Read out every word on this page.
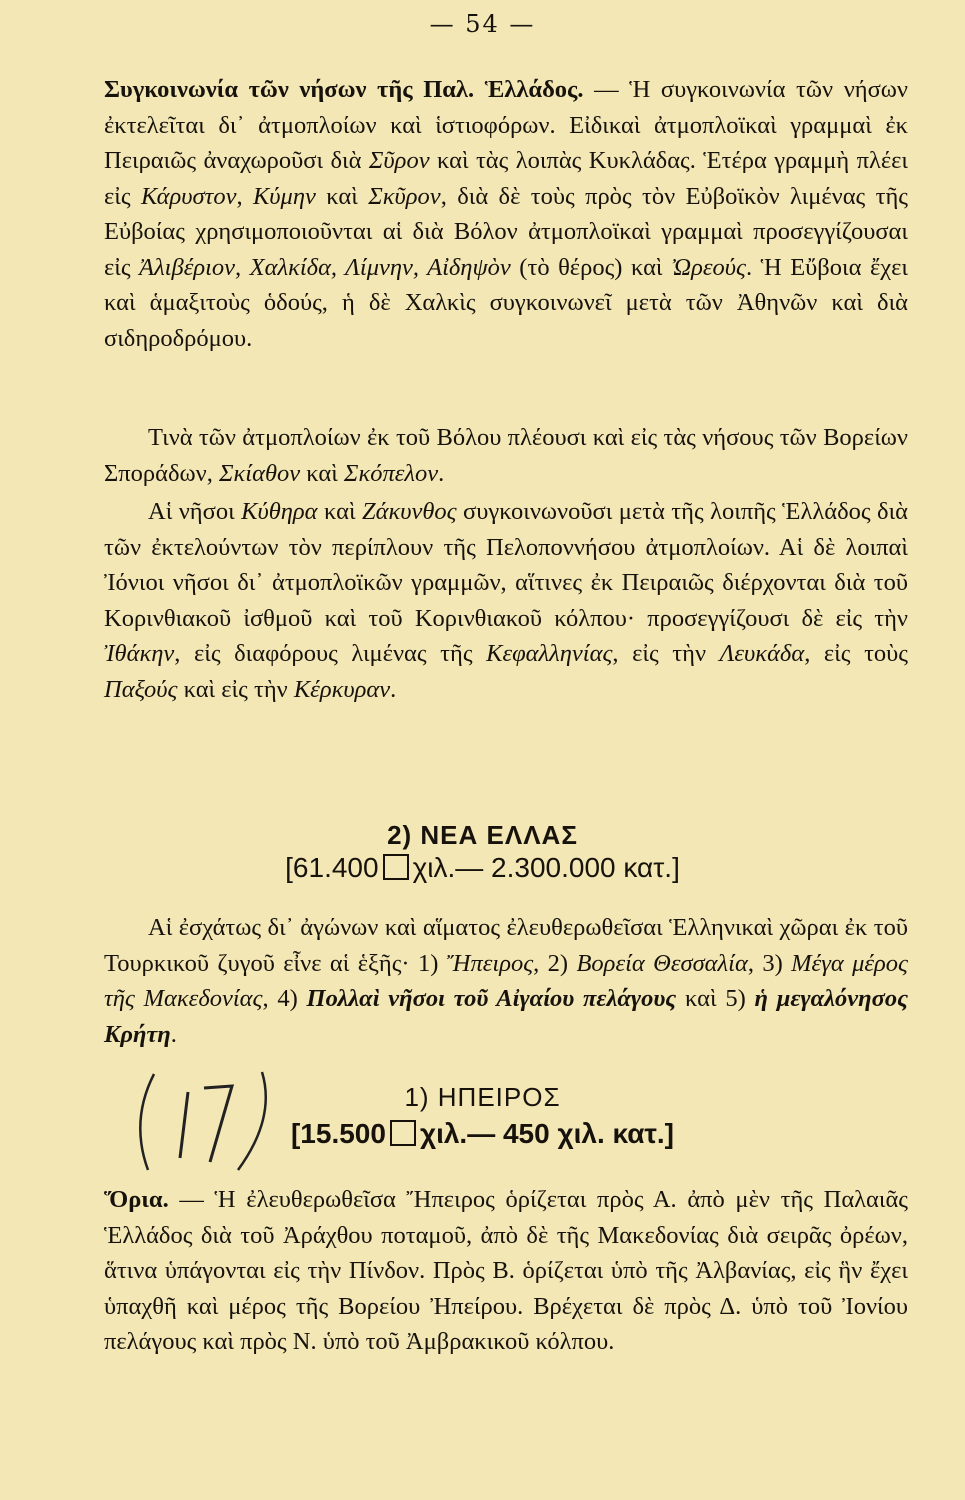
— 54 —
Συγκοινωνία τῶν νήσων τῆς Παλ. Ἑλλάδος. — Ἡ συγκοινωνία τῶν νήσων ἐκτελεῖται δι᾿ ἀτμοπλοίων καὶ ἱστιοφόρων. Εἰδικαὶ ἀτμοπλοϊκαὶ γραμμαὶ ἐκ Πειραιῶς ἀναχωροῦσι διὰ Σῦρον καὶ τὰς λοιπὰς Κυκλάδας. Ἑτέρα γραμμὴ πλέει εἰς Κάρυστον, Κύμην καὶ Σκῦρον, διὰ δὲ τοὺς πρὸς τὸν Εὐβοϊκὸν λιμένας τῆς Εὐβοίας χρησιμοποιοῦνται αἱ διὰ Βόλον ἀτμοπλοϊκαὶ γραμμαὶ προσεγγίζουσαι εἰς Ἀλιβέριον, Χαλκίδα, Λίμνην, Αἰδηψὸν (τὸ θέρος) καὶ Ὠρεούς. Ἡ Εὔβοια ἔχει καὶ ἁμαξιτοὺς ὁδούς, ἡ δὲ Χαλκὶς συγκοινωνεῖ μετὰ τῶν Ἀθηνῶν καὶ διὰ σιδηροδρόμου.
Τινὰ τῶν ἀτμοπλοίων ἐκ τοῦ Βόλου πλέουσι καὶ εἰς τὰς νήσους τῶν Βορείων Σποράδων, Σκίαθον καὶ Σκόπελον.
Αἱ νῆσοι Κύθηρα καὶ Ζάκυνθος συγκοινωνοῦσι μετὰ τῆς λοιπῆς Ἑλλάδος διὰ τῶν ἐκτελούντων τὸν περίπλουν τῆς Πελοποννήσου ἀτμοπλοίων. Αἱ δὲ λοιπαὶ Ἰόνιοι νῆσοι δι᾿ ἀτμοπλοϊκῶν γραμμῶν, αἵτινες ἐκ Πειραιῶς διέρχονται διὰ τοῦ Κορινθιακοῦ ἰσθμοῦ καὶ τοῦ Κορινθιακοῦ κόλπου· προσεγγίζουσι δὲ εἰς τὴν Ἰθάκην, εἰς διαφόρους λιμένας τῆς Κεφαλληνίας, εἰς τὴν Λευκάδα, εἰς τοὺς Παξούς καὶ εἰς τὴν Κέρκυραν.
2) ΝΕΑ ΕΛΛΑΣ
[61.400 χιλ.— 2.300.000 κατ.]
Αἱ ἐσχάτως δι᾿ ἀγώνων καὶ αἵματος ἐλευθερωθεῖσαι Ἑλληνικαὶ χῶραι ἐκ τοῦ Τουρκικοῦ ζυγοῦ εἶνε αἱ ἑξῆς· 1) Ἤπειρος, 2) Βορεία Θεσσαλία, 3) Μέγα μέρος τῆς Μακεδονίας, 4) Πολλαὶ νῆσοι τοῦ Αἰγαίου πελάγους καὶ 5) ἡ μεγαλόνησος Κρήτη.
1) ΗΠΕΙΡΟΣ
[15.500 χιλ.— 450 χιλ. κατ.]
Ὅρια. — Ἡ ἐλευθερωθεῖσα Ἤπειρος ὁρίζεται πρὸς Α. ἀπὸ μὲν τῆς Παλαιᾶς Ἑλλάδος διὰ τοῦ Ἀράχθου ποταμοῦ, ἀπὸ δὲ τῆς Μακεδονίας διὰ σειρᾶς ὀρέων, ἅτινα ὑπάγονται εἰς τὴν Πίνδον. Πρὸς Β. ὁρίζεται ὑπὸ τῆς Ἀλβανίας, εἰς ἣν ἔχει ὑπαχθῆ καὶ μέρος τῆς Βορείου Ἠπείρου. Βρέχεται δὲ πρὸς Δ. ὑπὸ τοῦ Ἰονίου πελάγους καὶ πρὸς Ν. ὑπὸ τοῦ Ἀμβρακικοῦ κόλπου.
